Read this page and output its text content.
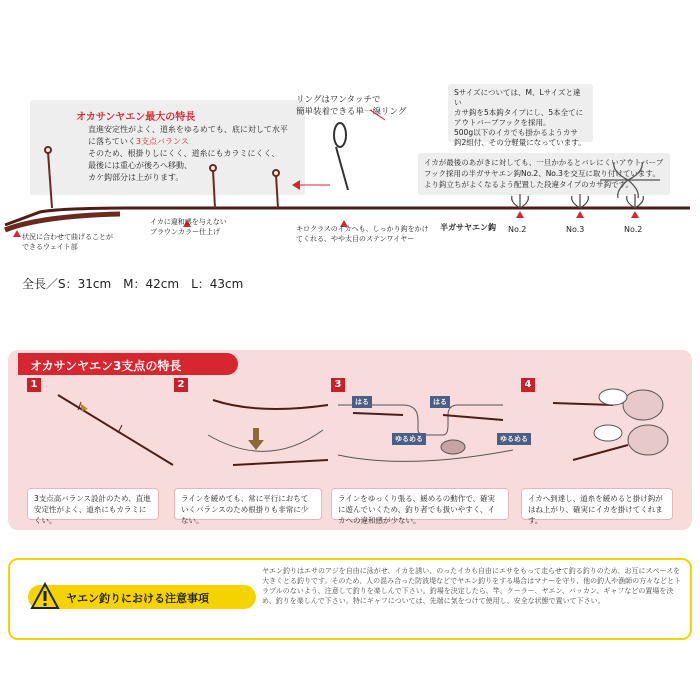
オカサンヤエン最大の特長
直進安定性がよく、道糸をゆるめても、底に対して水平
に落ちていく3支点バランス
そのため、根掛りしにくく、道糸にもカラミにくく、
最後には重心が後ろへ移動、
カケ鈎部分は上がります。
リングはワンタッチで
簡単装着できる単一線リング
Sサイズについては、M、Lサイズと違い
カサ鈎を5本鈎タイプにし、5本全てに
アウトバーブフックを採用。
500g以下のイカでも掛かるようカサ
鈎2組付、その分軽量になっています。
イカが最後のあがきに対しても、一旦かかるとバレにくいアウトバーブ
フック採用の半ガサヤエン鈎No.2、No.3を交互に取り付けています。
より鈎立ちがよくなるよう配置した段違タイプのカサ鈎です。
状況に合わせて曲げることが
できるウェイト部
イカに違和感を与えない
ブラウンカラー仕上げ	キロクラスのイカへも、しっかり鈎をかけ
てくれる、やや太目のステンワイヤー
半ガサヤエン鈎 No.2	No.3	No.2
全長／S：31cm　M：42cm　L：43cm
オカサンヤエン3支点の特長
1	2	3	4
はる	はる
ゆるめる	ゆるめる
3支点高バランス設計のため、直進安定性がよく、道糸にもカラミにくい。
ラインを緩めても、常に平行におちていくバランスのため根掛りも非常に少ない。
ラインをゆっくり張る、緩めるの動作で、確実に遊んでいくため、釣り者でも扱いやすく、イカへの違和感が少ない。
イカへ到達し、道糸を緩めると掛け鈎がはね上がり、確実にイカを掛けてくれます。
ヤエン釣りにおける注意事項
ヤエン釣りはエサのアジを自由に泳がせ、イカを誘い、のったイカも自由にエサをもって走らせて釣る釣りのため、お互にスペースを大きくとる釣りです。そのため、人の混み合った防波堤などでヤエン釣りをする場合はマナーを守り、他の釣人や漁師の方々などとトラブルのないよう、注意して釣りを楽しんで下さい。釣場を決定したら、竿、クーラー、ヤエン、バッカン、ギャフなどの置場を決め、釣りを楽しんで下さい。特にギャフについては、先端に気をつけて使用し、安全な状態で置いて下さい。
